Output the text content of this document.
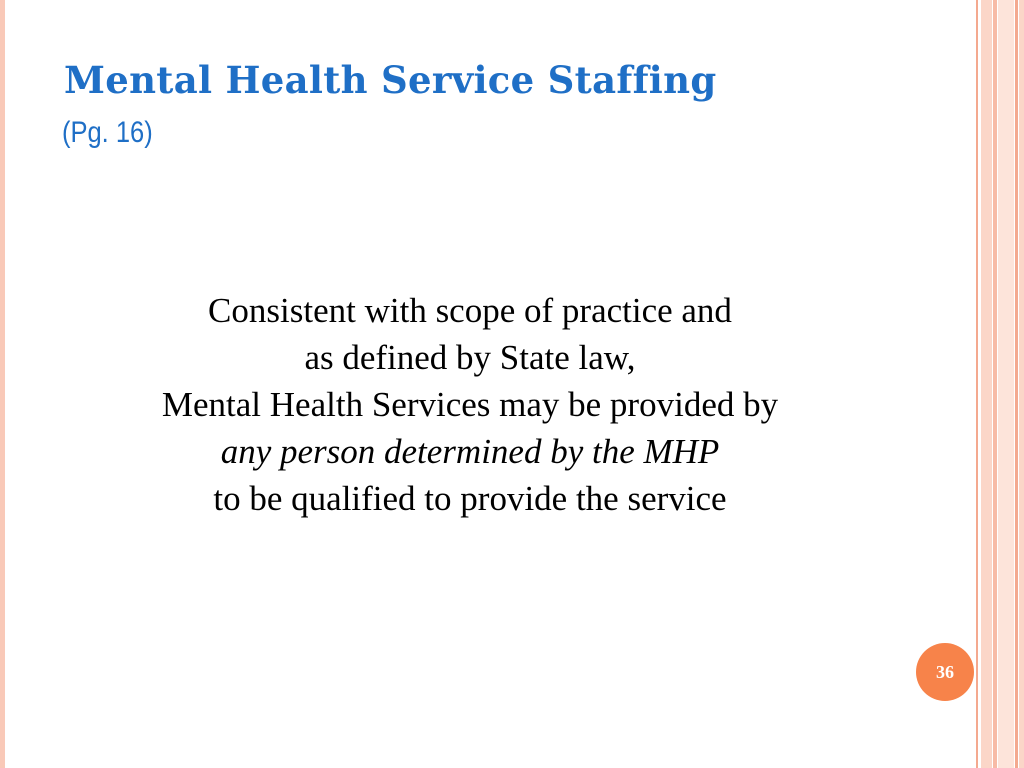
Mental Health Service Staffing

(Pg. 16)

Consistent with scope of practice and
as defined by State law,
Mental Health Services may be provided by
any person determined by the MHP
to be qualified to provide the service
36
